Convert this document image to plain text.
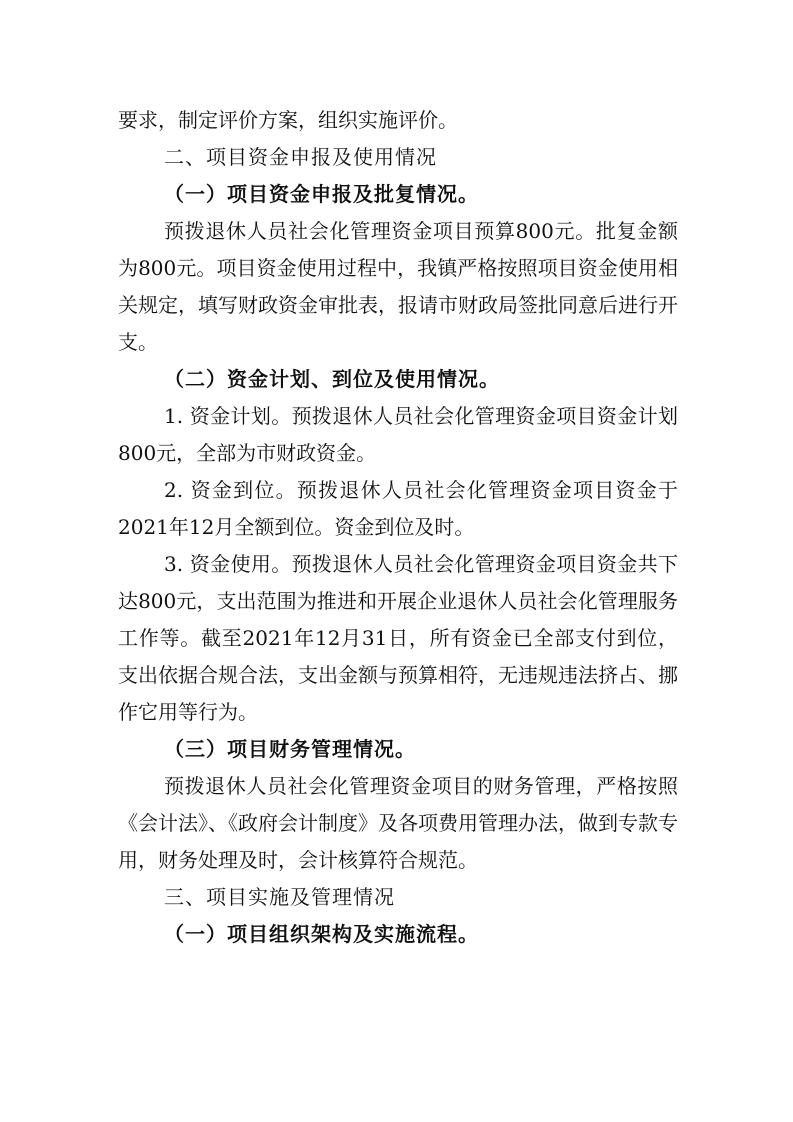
要求，制定评价方案，组织实施评价。

二、项目资金申报及使用情况

（一）项目资金申报及批复情况。

预拨退休人员社会化管理资金项目预算800元。批复金额为800元。项目资金使用过程中，我镇严格按照项目资金使用相关规定，填写财政资金审批表，报请市财政局签批同意后进行开支。

（二）资金计划、到位及使用情况。

1. 资金计划。预拨退休人员社会化管理资金项目资金计划800元，全部为市财政资金。

2. 资金到位。预拨退休人员社会化管理资金项目资金于2021年12月全额到位。资金到位及时。

3. 资金使用。预拨退休人员社会化管理资金项目资金共下达800元，支出范围为推进和开展企业退休人员社会化管理服务工作等。截至2021年12月31日，所有资金已全部支付到位，支出依据合规合法，支出金额与预算相符，无违规违法挤占、挪作它用等行为。

（三）项目财务管理情况。

预拨退休人员社会化管理资金项目的财务管理，严格按照《会计法》、《政府会计制度》及各项费用管理办法，做到专款专用，财务处理及时，会计核算符合规范。

三、项目实施及管理情况

（一）项目组织架构及实施流程。
